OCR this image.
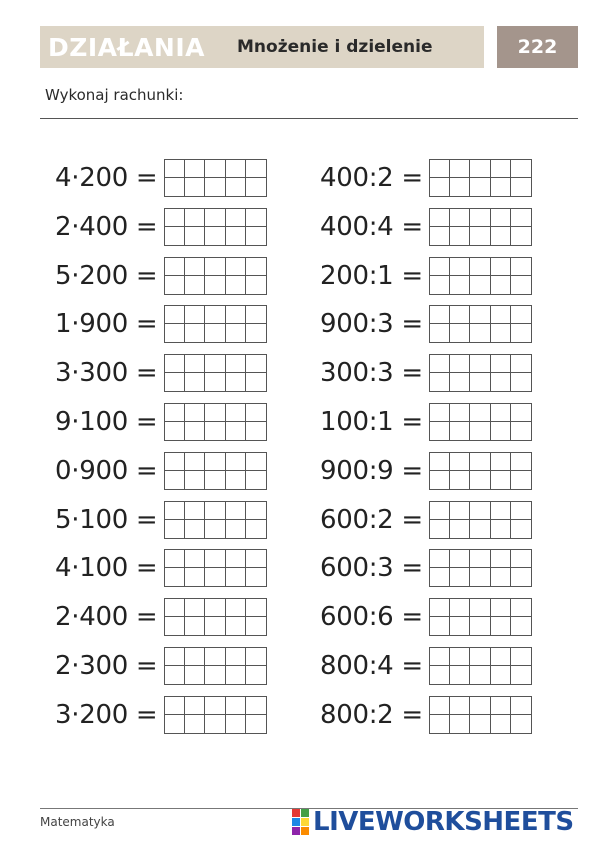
DZIAŁANIA Mnożenie i dzielenie	222
Wykonaj rachunki:
4·200 =
2·400 =
5·200 =
1·900 =
3·300 =
9·100 =
0·900 =
5·100 =
4·100 =
2·400 =
2·300 =
3·200 =
400:2 =
400:4 =
200:1 =
900:3 =
300:3 =
100:1 =
900:9 =
600:2 =
600:3 =
600:6 =
800:4 =
800:2 =
Matematyka	LIVEWORKSHEETS
